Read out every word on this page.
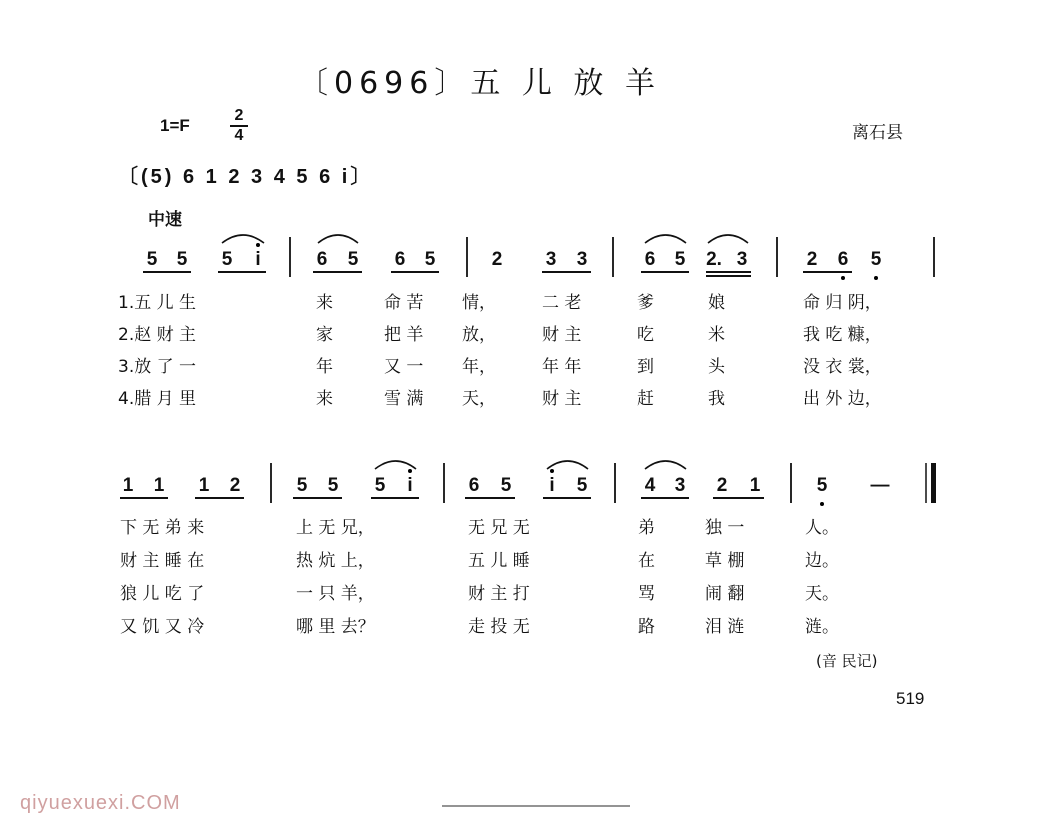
〔0696〕五 儿 放 羊
1=F
2
4	离石县
〔(5) 6 1 2 3 4 5 6 i〕
中速
5 5 5 i	6 5 6 5	2 3 3	6 5 2. 3	2 6 5
1 1 1 2	5 5 5 i	6 5 i 5	4 3 2 1	5 —
1.五 儿 生	来	命 苦 情，	二 老	爹	娘	命 归 阴，
2.赵 财 主	家	把 羊 放，	财 主	吃	米	我 吃 糠，
3.放 了 一	年	又 一 年，	年 年	到	头	没 衣 裳，
4.腊 月 里	来	雪 满 天，	财 主	赶	我	出 外 边，
下 无 弟 来	上 无 兄，	无 兄 无	弟	独 一	人。
财 主 睡 在	热 炕 上，	五 儿 睡	在	草 棚	边。
狼 儿 吃 了	一 只 羊，	财 主 打	骂	闹 翻	天。
又 饥 又 冷	哪 里 去？	走 投 无	路	泪 涟	涟。
(音 民记)
519
qiyuexuexi.COM
